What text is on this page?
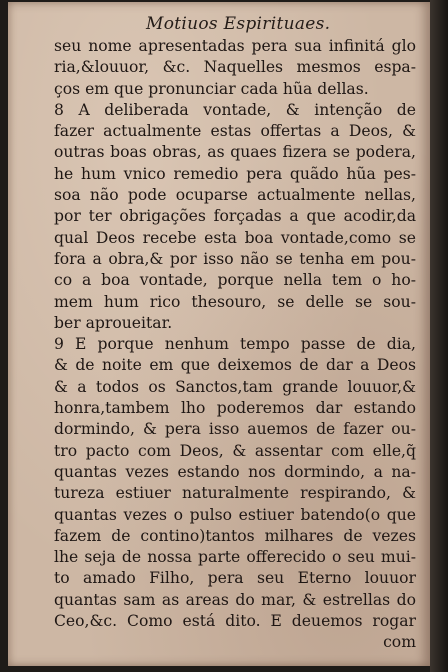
Motiuos Espirituaes.
seu nome apresentadas pera sua infinitá glo
ria,&louuor, &c. Naquelles mesmos espa-
ços em que pronunciar cada hũa dellas.
8 A deliberada vontade, & intenção de
fazer actualmente estas offertas a Deos, &
outras boas obras, as quaes fizera se podera,
he hum vnico remedio pera quãdo hũa pes-
soa não pode ocuparse actualmente nellas,
por ter obrigações forçadas a que acodir,da
qual Deos recebe esta boa vontade,como se
fora a obra,& por isso não se tenha em pou-
co a boa vontade, porque nella tem o ho-
mem hum rico thesouro, se delle se sou-
ber aproueitar.
9 E porque nenhum tempo passe de dia,
& de noite em que deixemos de dar a Deos
& a todos os Sanctos,tam grande louuor,&
honra,tambem lho poderemos dar estando
dormindo, & pera isso auemos de fazer ou-
tro pacto com Deos, & assentar com elle,q̃
quantas vezes estando nos dormindo, a na-
tureza estiuer naturalmente respirando, &
quantas vezes o pulso estiuer batendo(o que
fazem de contino)tantos milhares de vezes
lhe seja de nossa parte offerecido o seu mui-
to amado Filho, pera seu Eterno louuor
quantas sam as areas do mar, & estrellas do
Ceo,&c. Como está dito. E deuemos rogar
com
